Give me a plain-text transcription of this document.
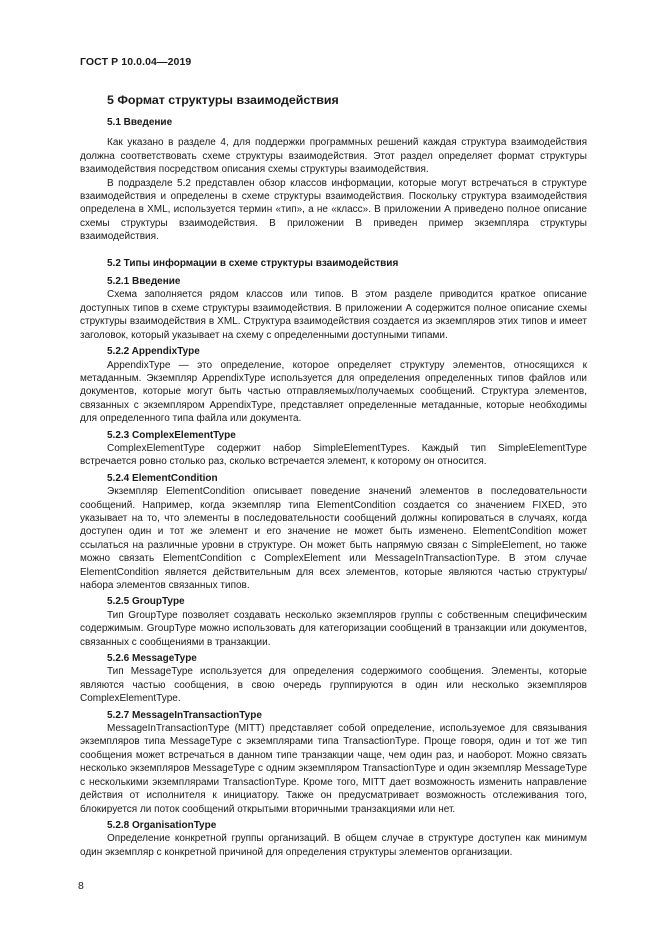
ГОСТ Р 10.0.04—2019
5 Формат структуры взаимодействия
5.1 Введение

Как указано в разделе 4, для поддержки программных решений каждая структура взаимодействия должна соответствовать схеме структуры взаимодействия. Этот раздел определяет формат структуры взаимодействия посредством описания схемы структуры взаимодействия.

В подразделе 5.2 представлен обзор классов информации, которые могут встречаться в структуре взаимодействия и определены в схеме структуры взаимодействия. Поскольку структура взаимодействия определена в XML, используется термин «тип», а не «класс». В приложении А приведено полное описание схемы структуры взаимодействия. В приложении В приведен пример экземпляра структуры взаимодействия.

5.2 Типы информации в схеме структуры взаимодействия
5.2.1 Введение

Схема заполняется рядом классов или типов. В этом разделе приводится краткое описание доступных типов в схеме структуры взаимодействия. В приложении А содержится полное описание схемы структуры взаимодействия в XML. Структура взаимодействия создается из экземпляров этих типов и имеет заголовок, который указывает на схему с определенными доступными типами.

5.2.2 AppendixType

AppendixType — это определение, которое определяет структуру элементов, относящихся к метаданным. Экземпляр AppendixType используется для определения определенных типов файлов или документов, которые могут быть частью отправляемых/получаемых сообщений. Структура элементов, связанных с экземпляром AppendixType, представляет определенные метаданные, которые необходимы для определенного типа файла или документа.

5.2.3 ComplexElementType

ComplexElementType содержит набор SimpleElementTypes. Каждый тип SimpleElementType встречается ровно столько раз, сколько встречается элемент, к которому он относится.

5.2.4 ElementCondition

Экземпляр ElementCondition описывает поведение значений элементов в последовательности сообщений. Например, когда экземпляр типа ElementCondition создается со значением FIXED, это указывает на то, что элементы в последовательности сообщений должны копироваться в случаях, когда доступен один и тот же элемент и его значение не может быть изменено. ElementCondition может ссылаться на различные уровни в структуре. Он может быть напрямую связан с SimpleElement, но также можно связать ElementCondition с ComplexElement или MessageInTransactionType. В этом случае ElementCondition является действительным для всех элементов, которые являются частью структуры/набора элементов связанных типов.

5.2.5 GroupType

Тип GroupType позволяет создавать несколько экземпляров группы с собственным специфическим содержимым. GroupType можно использовать для категоризации сообщений в транзакции или документов, связанных с сообщениями в транзакции.

5.2.6 MessageType

Тип MessageType используется для определения содержимого сообщения. Элементы, которые являются частью сообщения, в свою очередь группируются в один или несколько экземпляров ComplexElementType.

5.2.7 MessageInTransactionType

MessageInTransactionType (MITT) представляет собой определение, используемое для связывания экземпляров типа MessageType с экземплярами типа TransactionType. Проще говоря, один и тот же тип сообщения может встречаться в данном типе транзакции чаще, чем один раз, и наоборот. Можно связать несколько экземпляров MessageType с одним экземпляром TransactionType и один экземпляр MessageType с несколькими экземплярами TransactionType. Кроме того, MITT дает возможность изменить направление действия от исполнителя к инициатору. Также он предусматривает возможность отслеживания того, блокируется ли поток сообщений открытыми вторичными транзакциями или нет.

5.2.8 OrganisationType

Определение конкретной группы организаций. В общем случае в структуре доступен как минимум один экземпляр с конкретной причиной для определения структуры элементов организации.

8
